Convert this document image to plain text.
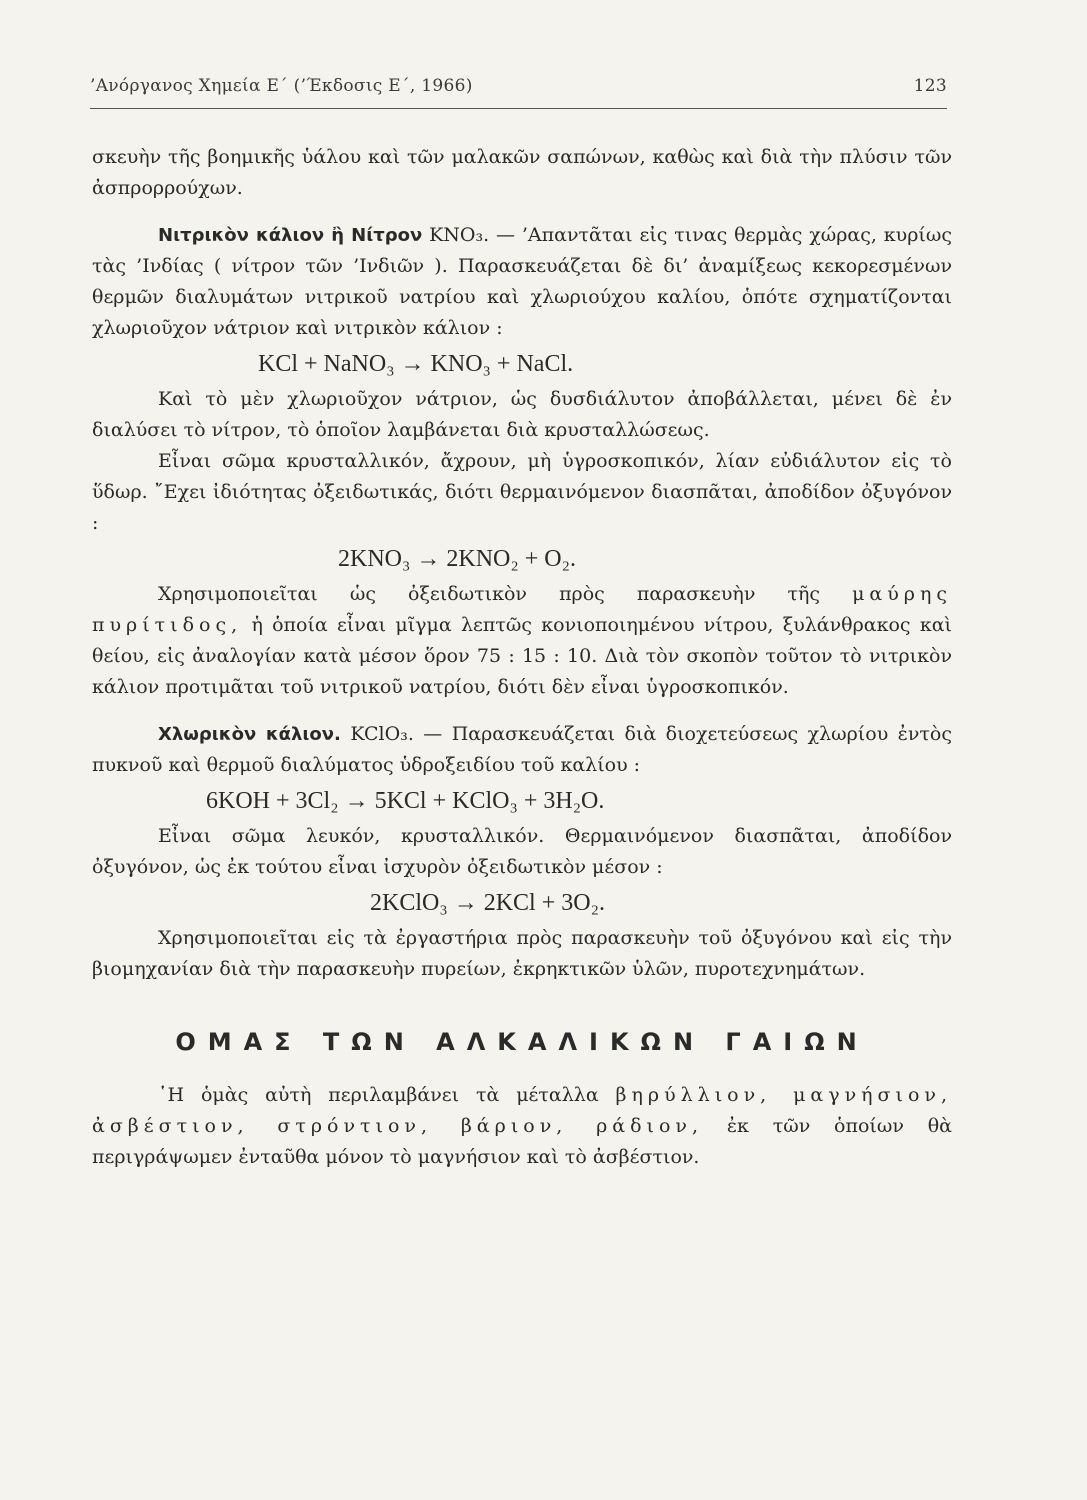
’Ανόργανος Χημεία Ε΄ (’Έκδοσις Ε΄, 1966)	123

σκευὴν τῆς βοημικῆς ὑάλου καὶ τῶν μαλακῶν σαπώνων, καθὼς καὶ διὰ τὴν πλύσιν τῶν ἀσπρορρούχων.

Νιτρικὸν κάλιον ἢ Νίτρον KNO₃. — ’Απαντᾶται εἰς τινας θερμὰς χώρας, κυρίως τὰς ’Ινδίας ( νίτρον τῶν ’Ινδιῶν ). Παρασκευάζεται δὲ δι’ ἀναμίξεως κεκορεσμένων θερμῶν διαλυμάτων νιτρικοῦ νατρίου καὶ χλωριούχου καλίου, ὁπότε σχηματίζονται χλωριοῦχον νάτριον καὶ νιτρικὸν κάλιον :

KCl + NaNO₃ → KNO₃ + NaCl.

Καὶ τὸ μὲν χλωριοῦχον νάτριον, ὡς δυσδιάλυτον ἀποβάλλεται, μένει δὲ ἐν διαλύσει τὸ νίτρον, τὸ ὁποῖον λαμβάνεται διὰ κρυσταλλώσεως.

Εἶναι σῶμα κρυσταλλικόν, ἄχρουν, μὴ ὑγροσκοπικόν, λίαν εὐδιάλυτον εἰς τὸ ὕδωρ. ῎Εχει ἰδιότητας ὀξειδωτικάς, διότι θερμαινόμενον διασπᾶται, ἀποδίδον ὀξυγόνον :

2KNO₃ → 2KNO₂ + O₂.

Χρησιμοποιεῖται ὡς ὀξειδωτικὸν πρὸς παρασκευὴν τῆς μαύρης πυρίτιδος, ἡ ὁποία εἶναι μῖγμα λεπτῶς κονιοποιημένου νίτρου, ξυλάνθρακος καὶ θείου, εἰς ἀναλογίαν κατὰ μέσον ὅρον 75 : 15 : 10. Διὰ τὸν σκοπὸν τοῦτον τὸ νιτρικὸν κάλιον προτιμᾶται τοῦ νιτρικοῦ νατρίου, διότι δὲν εἶναι ὑγροσκοπικόν.

Χλωρικὸν κάλιον. KClO₃. — Παρασκευάζεται διὰ διοχετεύσεως χλωρίου ἐντὸς πυκνοῦ καὶ θερμοῦ διαλύματος ὑδροξειδίου τοῦ καλίου :

6KOH + 3Cl₂ → 5KCl + KClO₃ + 3H₂O.

Εἶναι σῶμα λευκόν, κρυσταλλικόν. Θερμαινόμενον διασπᾶται, ἀποδίδον ὀξυγόνον, ὡς ἐκ τούτου εἶναι ἰσχυρὸν ὀξειδωτικὸν μέσον :

2KClO₃ → 2KCl + 3O₂.

Χρησιμοποιεῖται εἰς τὰ ἐργαστήρια πρὸς παρασκευὴν τοῦ ὀξυγόνου καὶ εἰς τὴν βιομηχανίαν διὰ τὴν παρασκευὴν πυρείων, ἐκρηκτικῶν ὑλῶν, πυροτεχνημάτων.

ΟΜΑΣ ΤΩΝ ΑΛΚΑΛΙΚΩΝ ΓΑΙΩΝ

῾Η ὁμὰς αὐτὴ περιλαμβάνει τὰ μέταλλα βηρύλλιον, μαγνήσιον, ἀσβέστιον, στρόντιον, βάριον, ράδιον, ἐκ τῶν ὁποίων θὰ περιγράψωμεν ἐνταῦθα μόνον τὸ μαγνήσιον καὶ τὸ ἀσβέστιον.
